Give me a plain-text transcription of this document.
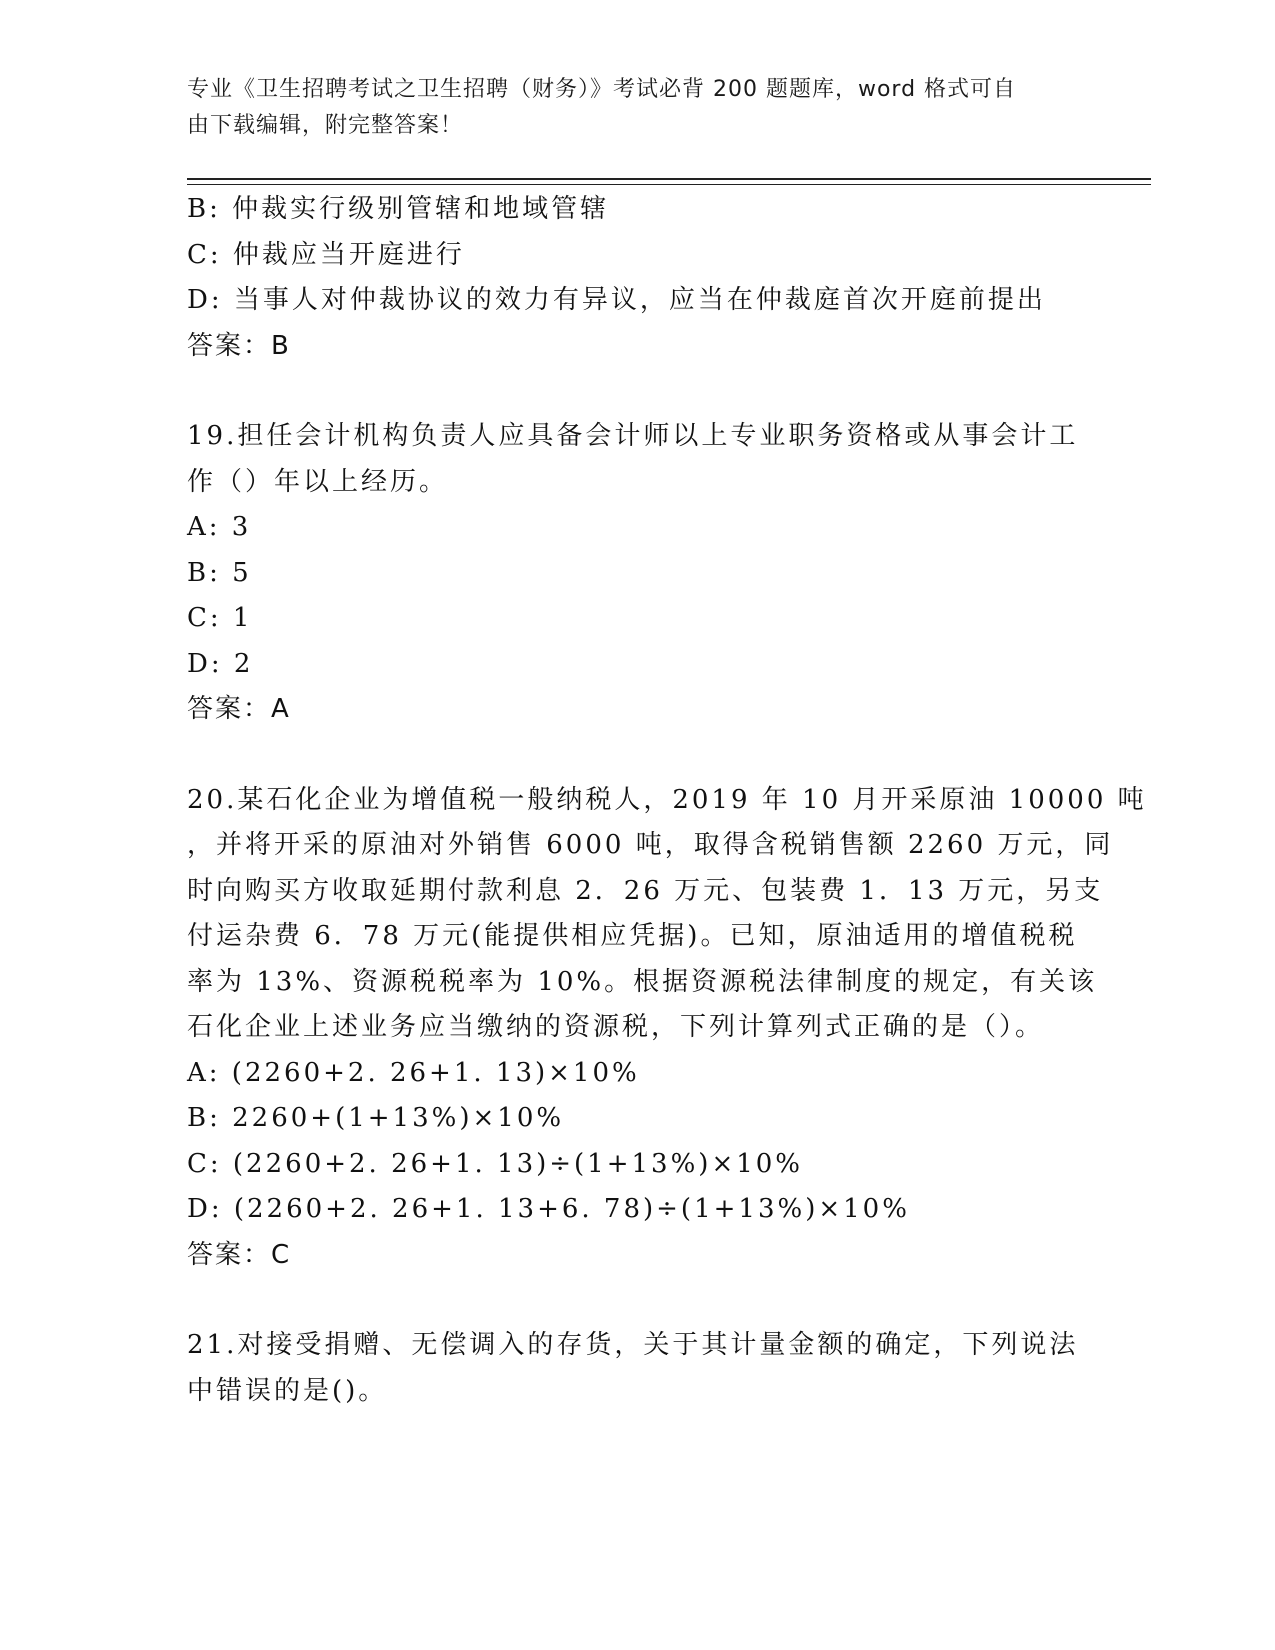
专业《卫生招聘考试之卫生招聘（财务）》考试必背 200 题题库，word 格式可自
由下载编辑，附完整答案！
B: 仲裁实行级别管辖和地域管辖
C: 仲裁应当开庭进行
D: 当事人对仲裁协议的效力有异议，应当在仲裁庭首次开庭前提出
答案：B
19.担任会计机构负责人应具备会计师以上专业职务资格或从事会计工
作（）年以上经历。
A: 3
B: 5
C: 1
D: 2
答案：A
20.某石化企业为增值税一般纳税人，2019 年 10 月开采原油 10000 吨
，并将开采的原油对外销售 6000 吨，取得含税销售额 2260 万元，同
时向购买方收取延期付款利息 2．26 万元、包装费 1．13 万元，另支
付运杂费 6．78 万元(能提供相应凭据)。已知，原油适用的增值税税
率为 13%、资源税税率为 10%。根据资源税法律制度的规定，有关该
石化企业上述业务应当缴纳的资源税，下列计算列式正确的是（）。
A: (2260+2. 26+1. 13)×10%
B: 2260+(1+13%)×10%
C: (2260+2. 26+1. 13)÷(1+13%)×10%
D: (2260+2. 26+1. 13+6. 78)÷(1+13%)×10%
答案：C
21.对接受捐赠、无偿调入的存货，关于其计量金额的确定，下列说法
中错误的是()。
